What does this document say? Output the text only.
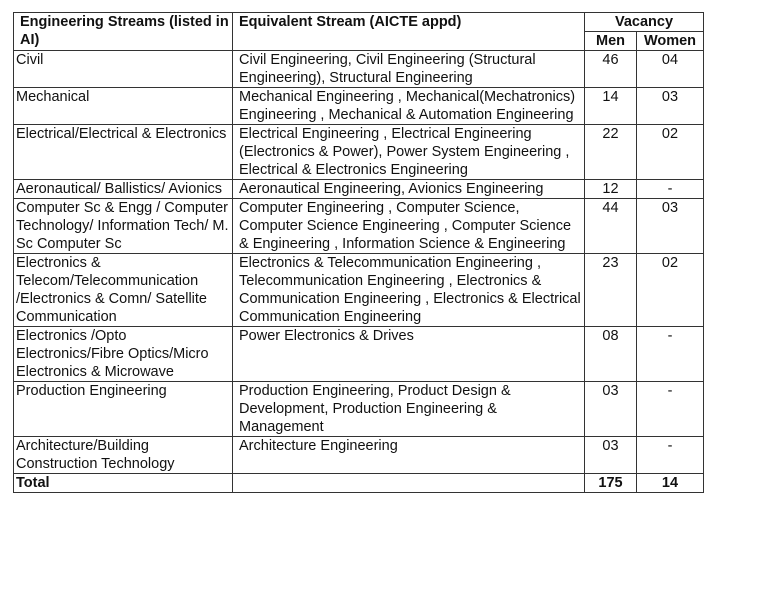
Engineering Streams (listed in AI)	Equivalent Stream (AICTE appd)	Vacancy	
		Men	Women
Civil	Civil Engineering, Civil Engineering (Structural Engineering), Structural Engineering	46	04
Mechanical	Mechanical Engineering , Mechanical(Mechatronics) Engineering , Mechanical & Automation Engineering	14	03
Electrical/Electrical & Electronics	Electrical Engineering , Electrical Engineering (Electronics & Power), Power System Engineering , Electrical & Electronics Engineering	22	02
Aeronautical/ Ballistics/ Avionics	Aeronautical Engineering, Avionics Engineering	12	-
Computer Sc & Engg / Computer Technology/ Information Tech/ M. Sc Computer Sc	Computer Engineering , Computer Science, Computer Science Engineering , Computer Science & Engineering , Information Science & Engineering	44	03
Electronics & Telecom/Telecommunication /Electronics & Comn/ Satellite Communication	Electronics & Telecommunication Engineering , Telecommunication Engineering , Electronics & Communication Engineering , Electronics & Electrical Communication Engineering	23	02
Electronics /Opto Electronics/Fibre Optics/Micro Electronics & Microwave	Power Electronics & Drives	08	-
Production Engineering	Production Engineering, Product Design & Development, Production Engineering & Management	03	-
Architecture/Building Construction Technology	Architecture Engineering	03	-
Total		175	14
